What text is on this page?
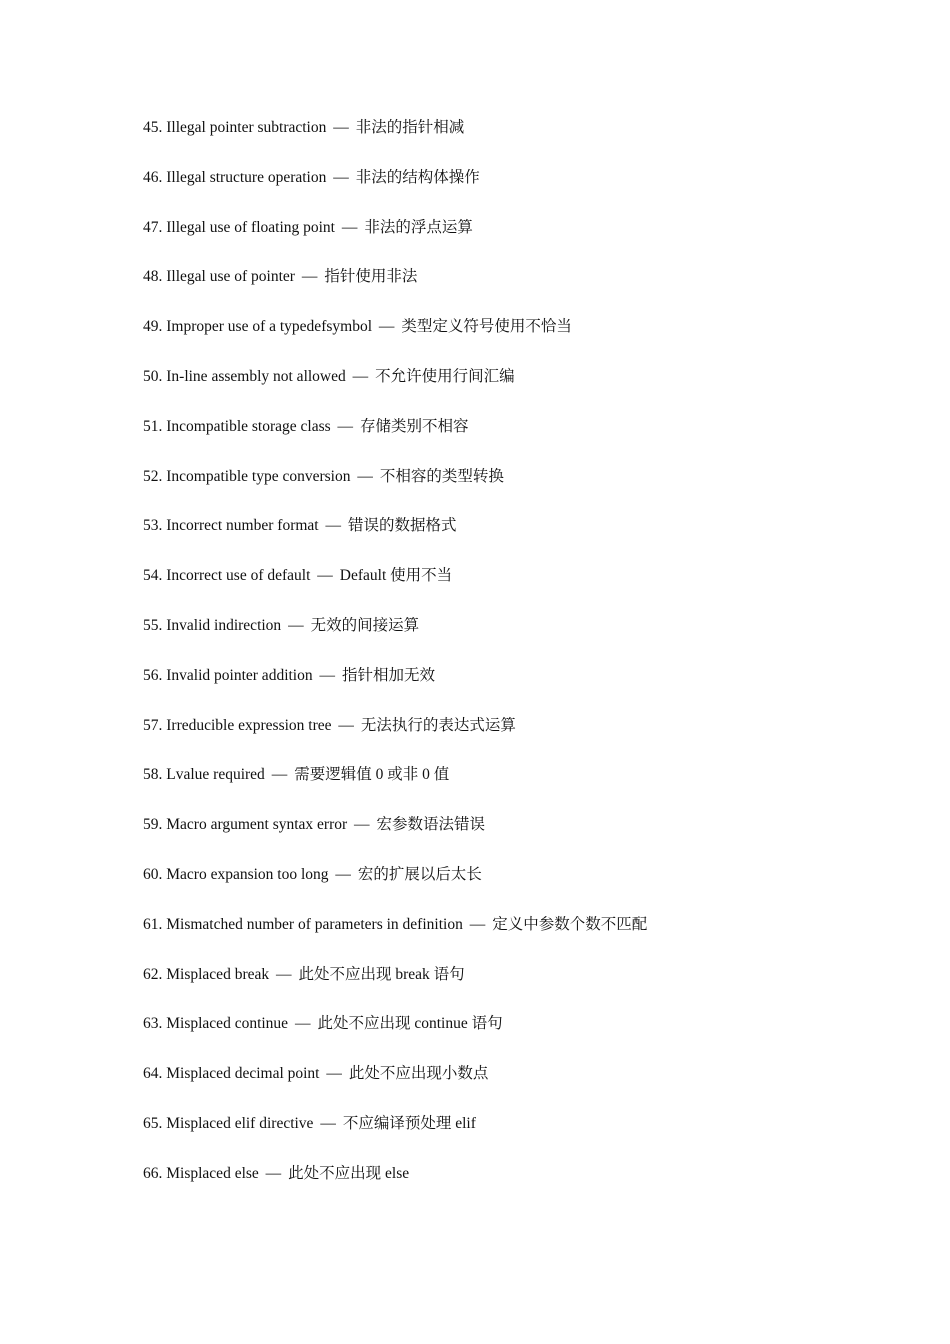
45. Illegal pointer subtraction — 非法的指针相减
46. Illegal structure operation — 非法的结构体操作
47. Illegal use of floating point — 非法的浮点运算
48. Illegal use of pointer — 指针使用非法
49. Improper use of a typedefsymbol — 类型定义符号使用不恰当
50. In-line assembly not allowed — 不允许使用行间汇编
51. Incompatible storage class — 存储类别不相容
52. Incompatible type conversion — 不相容的类型转换
53. Incorrect number format — 错误的数据格式
54. Incorrect use of default — Default 使用不当
55. Invalid indirection — 无效的间接运算
56. Invalid pointer addition — 指针相加无效
57. Irreducible expression tree — 无法执行的表达式运算
58. Lvalue required — 需要逻辑值 0 或非 0 值
59. Macro argument syntax error — 宏参数语法错误
60. Macro expansion too long — 宏的扩展以后太长
61. Mismatched number of parameters in definition — 定义中参数个数不匹配
62. Misplaced break — 此处不应出现 break 语句
63. Misplaced continue — 此处不应出现 continue 语句
64. Misplaced decimal point — 此处不应出现小数点
65. Misplaced elif directive — 不应编译预处理 elif
66. Misplaced else — 此处不应出现 else
